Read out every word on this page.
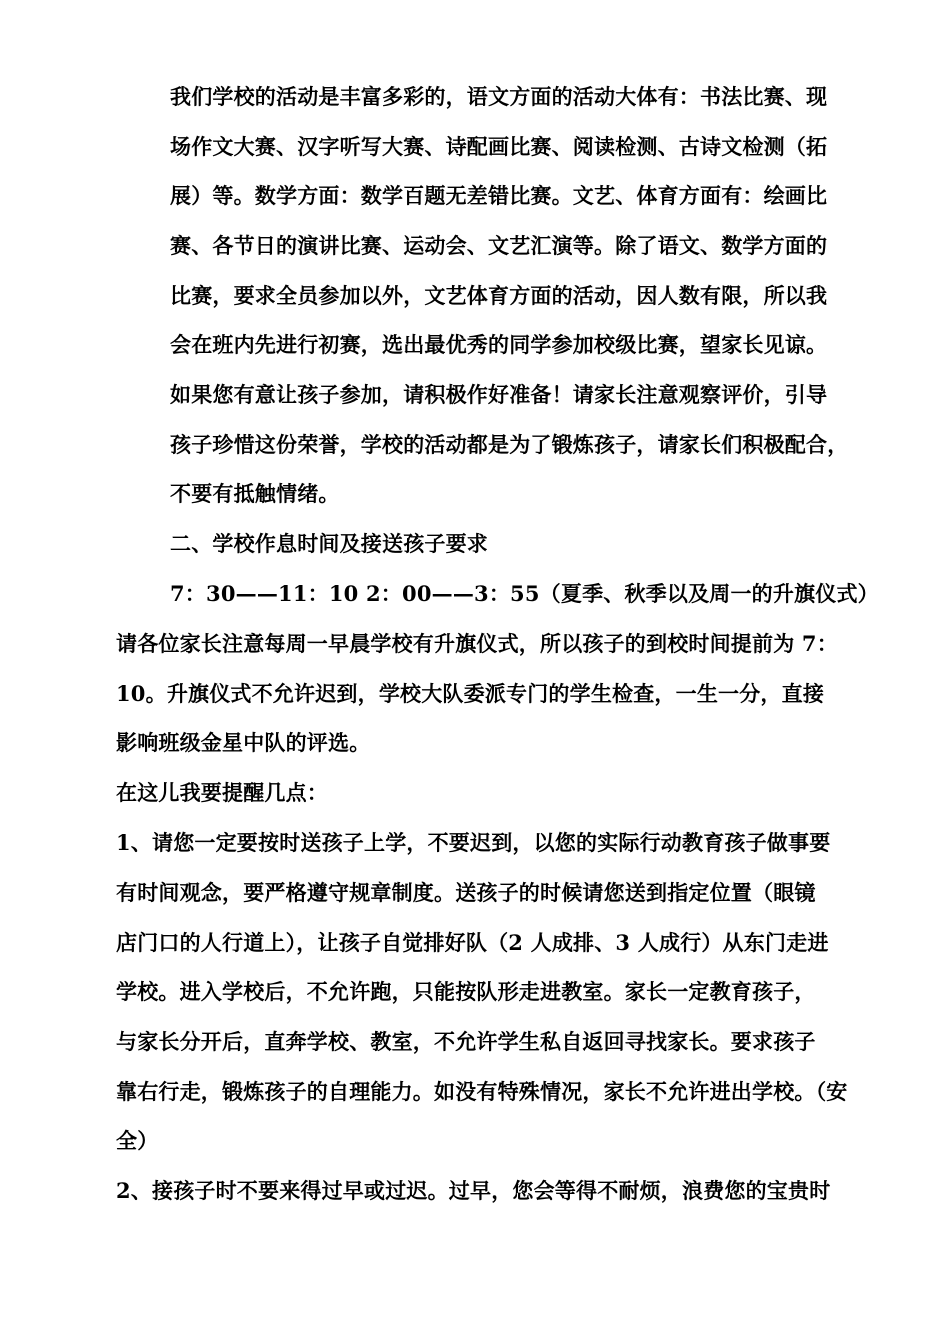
我们学校的活动是丰富多彩的，语文方面的活动大体有：书法比赛、现
场作文大赛、汉字听写大赛、诗配画比赛、阅读检测、古诗文检测（拓
展）等。数学方面：数学百题无差错比赛。文艺、体育方面有：绘画比
赛、各节日的演讲比赛、运动会、文艺汇演等。除了语文、数学方面的
比赛，要求全员参加以外，文艺体育方面的活动，因人数有限，所以我
会在班内先进行初赛，选出最优秀的同学参加校级比赛，望家长见谅。
如果您有意让孩子参加，请积极作好准备！请家长注意观察评价，引导
孩子珍惜这份荣誉，学校的活动都是为了锻炼孩子，请家长们积极配合，
不要有抵触情绪。
二、学校作息时间及接送孩子要求
7：30——11：10 2：00——3：55（夏季、秋季以及周一的升旗仪式）
请各位家长注意每周一早晨学校有升旗仪式，所以孩子的到校时间提前为 7：
10。升旗仪式不允许迟到，学校大队委派专门的学生检查，一生一分，直接
影响班级金星中队的评选。
在这儿我要提醒几点：
1、请您一定要按时送孩子上学，不要迟到，以您的实际行动教育孩子做事要
有时间观念，要严格遵守规章制度。送孩子的时候请您送到指定位置（眼镜
店门口的人行道上），让孩子自觉排好队（2 人成排、3 人成行）从东门走进
学校。进入学校后，不允许跑，只能按队形走进教室。家长一定教育孩子，
与家长分开后，直奔学校、教室，不允许学生私自返回寻找家长。要求孩子
靠右行走，锻炼孩子的自理能力。如没有特殊情况，家长不允许进出学校。（安
全）
2、接孩子时不要来得过早或过迟。过早，您会等得不耐烦，浪费您的宝贵时
